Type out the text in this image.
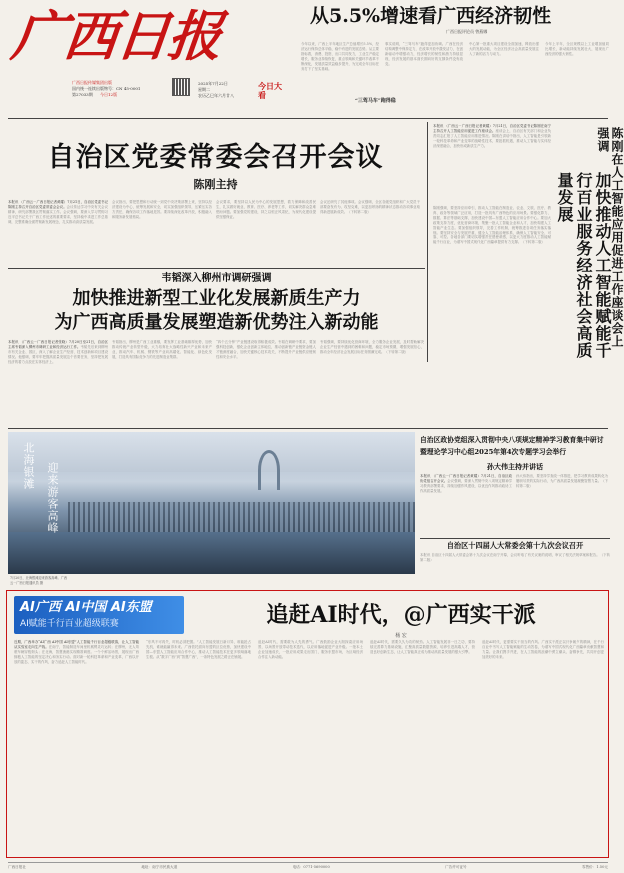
广西日报	从5.5%增速看广西经济韧性
广西日报评论员 曾燕娜
今年以来，广西上半年地区生产总值增长5.5%，经济运行保持总体平稳、稳中有进的发展态势。从主要指标看，消费、投资、出口共同发力，工业生产稳定增长，服务业持续恢复，重点领域和关键环节改革不断深化，发展质量效益稳步提升，为完成全年目标任务打下了坚实基础。
事实说明，“三驾马车”跑得更加协调。广西在经济结构调整中保持定力，在改革开放中激发活力，在创新驱动中增强动力，经济增长的韧性和潜力持续显现，经济发展的基本面长期向好的支撑条件没有改变。
中心第一批重大项目建设全面加速，释放出强大的发展动能，为全区经济社会高质量发展注入了新的活力与动力。
今年上半年，全区规模以上工业增加值同比增长，新动能持续发展壮大，展现出广西经济的强大韧性。
“三驾马车”跑得稳
广西日报传媒集团出版
国内统一连续出版物号：CN 45-0001
第27033期 今日12版
2025年7月22日
星期二
农历乙巳年六月廿八
今日大看
自治区党委常委会召开会议
陈刚主持
本报讯 （广西云－广西日报记者黄耀）7月21日，自治区党委书记陈刚主持召开自治区党委常委会会议。会议传达学习中央有关会议精神，研究部署我区贯彻落实工作。会议强调，要深入学习贯彻习近平总书记关于广西工作论述的重要要求，坚持稳中求进工作总基调，完整准确全面贯彻新发展理念，扎实推动高质量发展。
会议指出，要把思想和行动统一到党中央决策部署上来，坚持以经济建设为中心，统筹发展和安全，切实加强组织领导，压紧压实各方责任，确保各项工作落地见效。要持续深化改革开放，积极融入和服务新发展格局。
会议要求，要坚持以人民为中心的发展思想，着力保障和改善民生，扎实做好就业、教育、医疗、养老等工作，切实解决群众急难愁盼问题。要加强党的建设，持之以恒正风肃纪，为现代化建设提供坚强保证。
会议还研究了其他事项。会议强调，全区各级党组织和广大党员干部要奋发有为、攻坚克难，以更加昂扬的精神状态推动各项事业取得新进展新成效。（下转第二版）
本报讯 （广西云－广西日报记者黄耀）7月21日，自治区党委书记陈刚在南宁主持召开人工智能应用促进工作座谈会。座谈会上，自治区有关部门和企业负责同志汇报了人工智能应用推进情况。陈刚在讲话中指出，人工智能是引领新一轮科技革命和产业变革的战略性技术，要抢抓机遇，推动人工智能与实体经济深度融合，加快形成新质生产力。
陈刚强调，要坚持应用牵引，推动人工智能在制造业、农业、文旅、医疗、教育、政务等领域广泛应用，打造一批具有广西特色的应用场景。要强化算力、数据、算法等基础支撑，加快建设中国—东盟人工智能应用合作中心。要加大政策支持力度，优化营商环境，集聚一批人工智能企业和人才，加快构建人工智能产业生态。要加强组织领导，完善工作机制，统筹推进各项任务落实落细。要坚持安全与发展并重，健全人工智能治理体系，确保人工智能安全、可靠、可控。各地各部门要切实增强责任感使命感，以更大力度推动人工智能赋能千行百业，为谱写中国式现代化广西篇章提供有力支撑。（下转第二版）	陈刚在人工智能应用促进工作座谈会上强调
加快推动人工智能赋能千行百业服务经济社会高质量发展
韦韬深入柳州市调研强调
加快推进新型工业化发展新质生产力
为广西高质量发展塑造新优势注入新动能
本报讯 （广西云－广西日报记者张晓）7月20日至21日，自治区主席韦韬深入柳州市调研工业和经济运行工作。韦韬先后来到柳州市有关企业、园区，深入了解企业生产经营、技术创新和项目建设情况。他强调，要牢牢把握高质量发展这个首要任务，坚持把发展经济的着力点放在实体经济上。
韦韬指出，柳州是广西工业重镇，要发挥工业基础雄厚优势，加快推动传统产业转型升级，大力培育壮大战略性新兴产业和未来产业，推动汽车、机械、钢铁等产业向高端化、智能化、绿色化发展，打造具有国际竞争力的先进制造业集群。
“四个五分钟”产业链建设取得积极成效。韦韬在调研中要求，要加强科技创新，强化企业创新主体地位，推动创新链产业链资金链人才链深度融合，加快关键核心技术攻关，不断提升产业链供应链韧性和安全水平。
韦韬强调，要持续优化营商环境，全力服务企业发展，及时帮助解决企业生产经营中遇到的困难和问题，稳定市场预期，增强发展信心，推动全年经济社会发展目标任务圆满完成。（下转第二版）
北海银滩 迎来游客高峰
7月20日，北海银滩迎来游客高峰。广西云－广西日报通讯员 摄
自治区政协党组深入贯彻中央八项规定精神学习教育集中研讨
暨理论学习中心组2025年第4次专题学习会举行
孙大伟主持并讲话
本报讯 （广西云－广西日报记者黄耀）7月21日，自治区政协党组召开会议。会议强调，要深入贯彻中央八项规定精神学习教育部署要求，持续加强作风建设，以优良作风推动政协工作高质量发展。
孙大伟指出，要坚持学查改一体推进，把学习教育成果转化为履职尽责的实际行动，为广西高质量发展凝聚智慧力量。（下转第二版）
自治区十四届人大常委会第十九次会议召开
本报讯 自治区十四届人大常委会第十九次会议在南宁开幕，会议听取了有关议案的说明，审议了相关法规草案和报告。（下转第二版）
AI广西 AI中国 AI东盟
AI赋能千行百业超级联赛	追赶AI时代，@广西实干派
杨 宏
近期，广西举办“AI广西 AI中国 AI东盟”人工智能千行百业超级联赛，让人工智能从实验室走向生产线。在南宁，智能制造车间里机械臂灵巧运转；在柳州，无人驾驶车辆穿梭街头；在北海，智慧渔港实现精准调度。一个个鲜活场景，展现出广西拥抱人工智能的坚定决心和务实行动。面对新一轮科技革命和产业变革，广西以开放的姿态、实干的作风，奋力追赶人工智能时代。
“东风不可再失，时机必须把握。”人工智能发展日新月异，谁能抢占先机，谁就能赢得未来。广西依托面向东盟的区位优势，加快建设中国—东盟人工智能应用合作中心，推动人工智能技术在更多领域落地生根。从“数字广西”到“智慧广西”，一条特色发展之路正在铺展。
追赶AI时代，需要敢为人先的勇气。广西鼓励企业大胆探索应用场景，以场景开放带动技术迭代，以应用落地促进产业升级。一批本土企业加速成长，一批应用成果走出国门，服务东盟市场，为区域经济合作注入新动能。
追赶AI时代，需要久久为功的韧劲。人工智能发展非一日之功，要持续完善算力基础设施，汇聚高质量数据资源，培养引进高端人才，营造良好创新生态，让人工智能真正成为推动高质量发展的强大引擎。
追赶AI时代，更需要实干担当的作风。广西实干派正以只争朝夕的精神，在千行百业中书写人工智能赋能的生动答卷，为谱写中国式现代化广西篇章贡献智慧和力量。让我们携手并进，在人工智能的浪潮中勇立潮头、奋楫争先，共同开创更加美好的未来。
广西日报社	地址：南宁市民族大道	电话：0771-5690000	广告许可证号	零售价：1.50元
